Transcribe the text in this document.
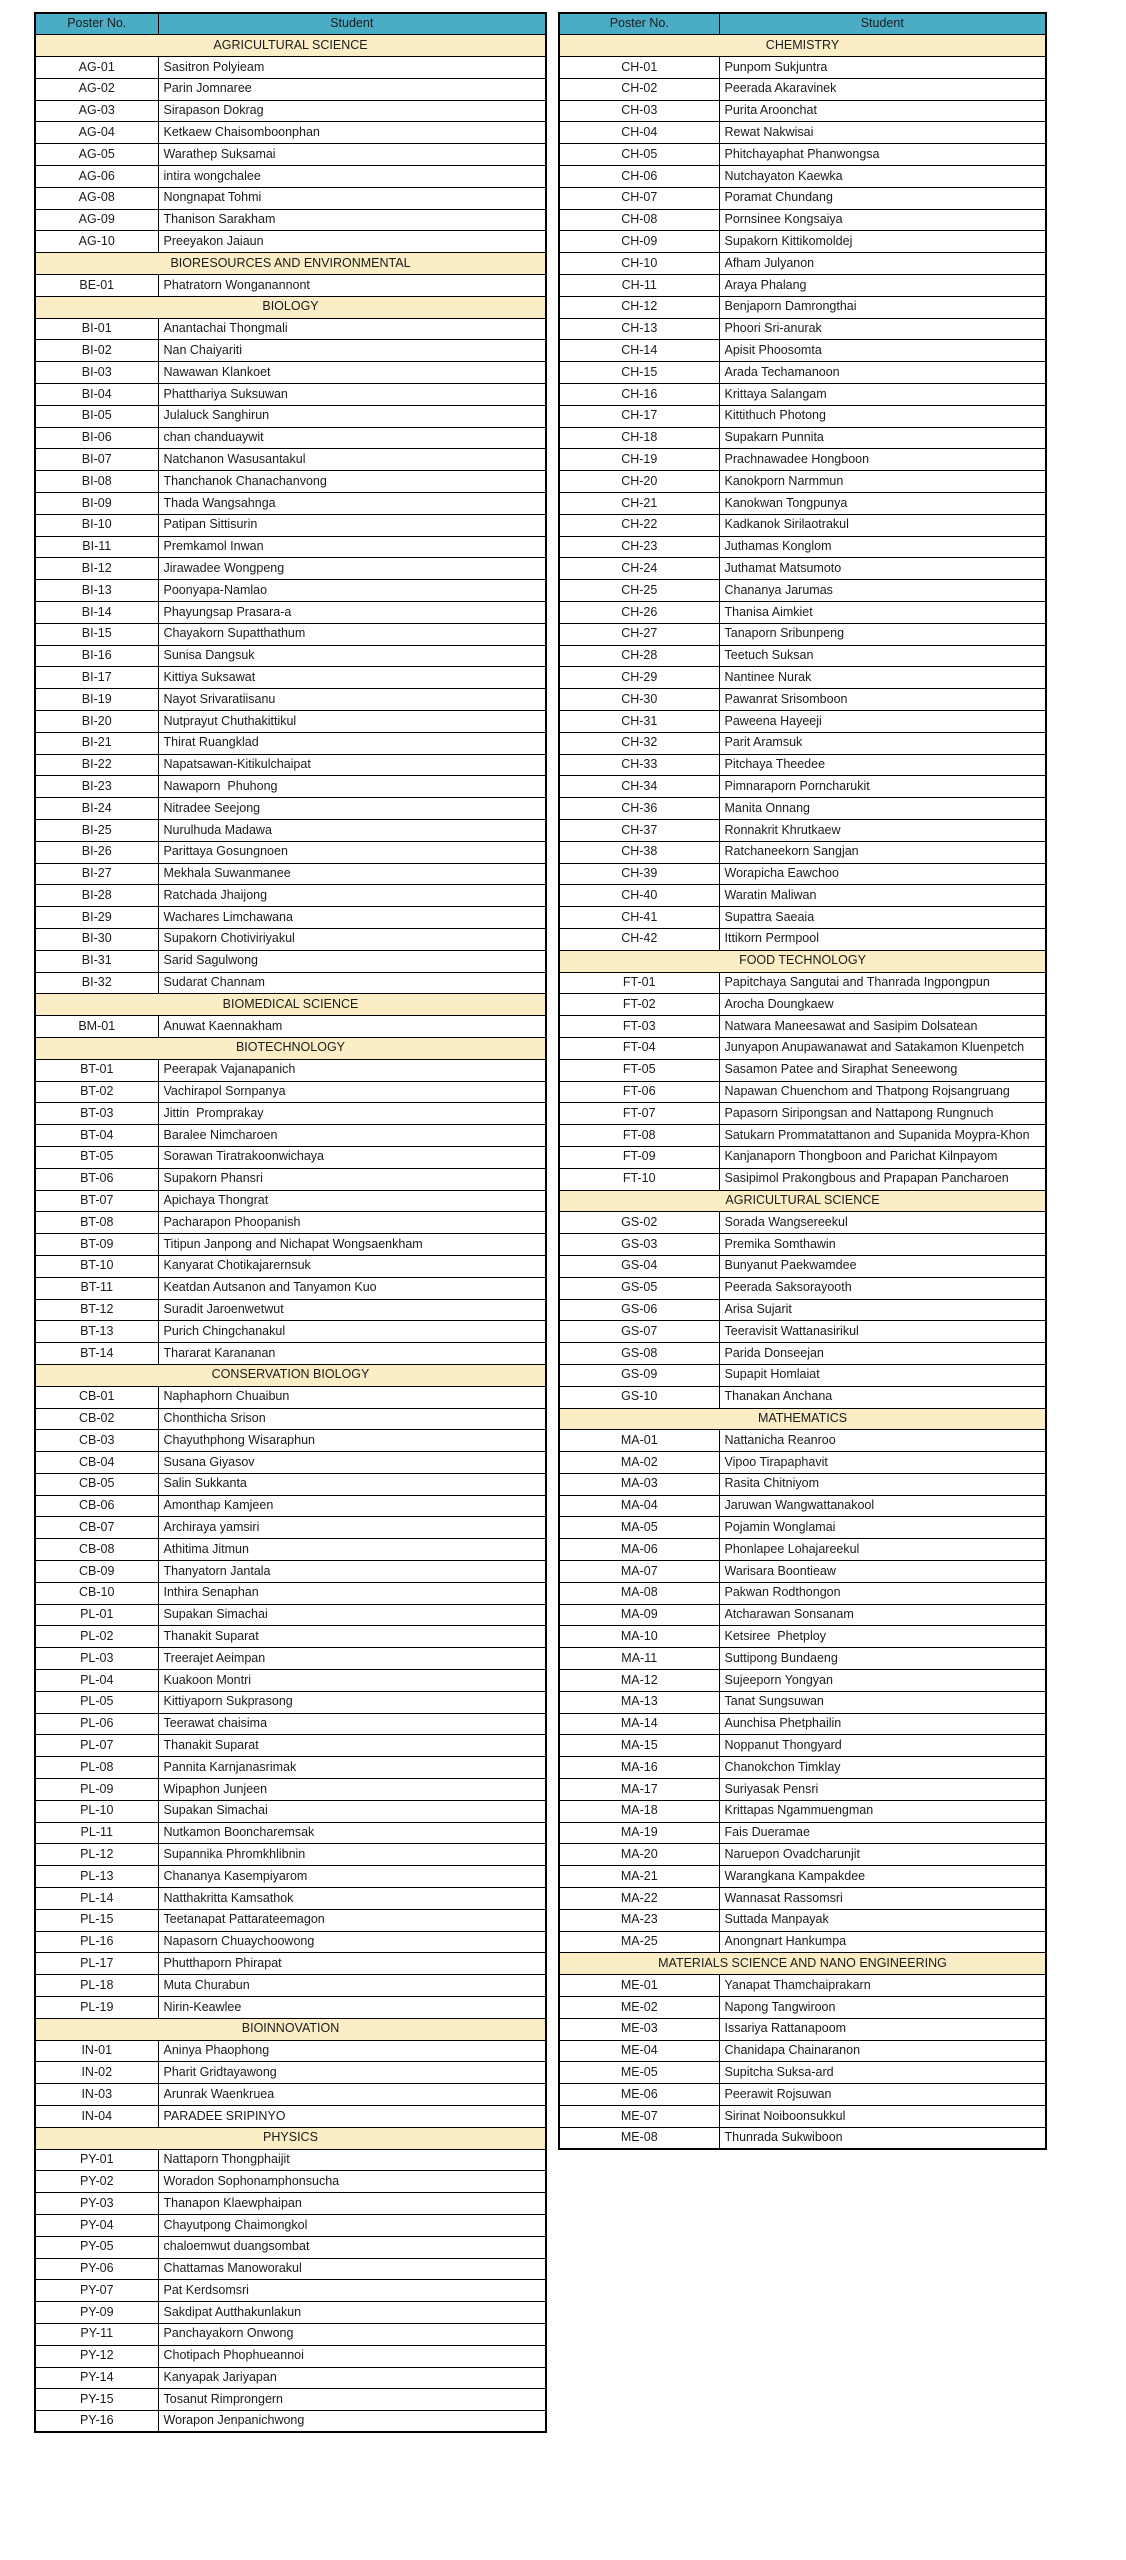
Poster No.	Student
AGRICULTURAL SCIENCE	
AG-01	Sasitron Polyieam
AG-02	Parin Jomnaree
AG-03	Sirapason Dokrag
AG-04	Ketkaew Chaisomboonphan
AG-05	Warathep Suksamai
AG-06	intira wongchalee
AG-08	Nongnapat Tohmi
AG-09	Thanison Sarakham
AG-10	Preeyakon Jaiaun
BIORESOURCES AND ENVIRONMENTAL	
BE-01	Phatratorn Wonganannont
BIOLOGY	
BI-01	Anantachai Thongmali
BI-02	Nan Chaiyariti
BI-03	Nawawan Klankoet
BI-04	Phatthariya Suksuwan
BI-05	Julaluck Sanghirun
BI-06	chan chanduaywit
BI-07	Natchanon Wasusantakul
BI-08	Thanchanok Chanachanvong
BI-09	Thada Wangsahnga
BI-10	Patipan Sittisurin
BI-11	Premkamol Inwan
BI-12	Jirawadee Wongpeng
BI-13	Poonyapa-Namlao
BI-14	Phayungsap Prasara-a
BI-15	Chayakorn Supatthathum
BI-16	Sunisa Dangsuk
BI-17	Kittiya Suksawat
BI-19	Nayot Srivaratiisanu
BI-20	Nutprayut Chuthakittikul
BI-21	Thirat Ruangklad
BI-22	Napatsawan-Kitikulchaipat
BI-23	Nawaporn  Phuhong
BI-24	Nitradee Seejong
BI-25	Nurulhuda Madawa
BI-26	Parittaya Gosungnoen
BI-27	Mekhala Suwanmanee
BI-28	Ratchada Jhaijong
BI-29	Wachares Limchawana
BI-30	Supakorn Chotiviriyakul
BI-31	Sarid Sagulwong
BI-32	Sudarat Channam
BIOMEDICAL SCIENCE	
BM-01	Anuwat Kaennakham
BIOTECHNOLOGY	
BT-01	Peerapak Vajanapanich
BT-02	Vachirapol Sornpanya
BT-03	Jittin  Promprakay
BT-04	Baralee Nimcharoen
BT-05	Sorawan Tiratrakoonwichaya
BT-06	Supakorn Phansri
BT-07	Apichaya Thongrat
BT-08	Pacharapon Phoopanish
BT-09	Titipun Janpong and Nichapat Wongsaenkham
BT-10	Kanyarat Chotikajarernsuk
BT-11	Keatdan Autsanon and Tanyamon Kuo
BT-12	Suradit Jaroenwetwut
BT-13	Purich Chingchanakul
BT-14	Thararat Karananan
CONSERVATION BIOLOGY	
CB-01	Naphaphorn Chuaibun
CB-02	Chonthicha Srison
CB-03	Chayuthphong Wisaraphun
CB-04	Susana Giyasov
CB-05	Salin Sukkanta
CB-06	Amonthap Kamjeen
CB-07	Archiraya yamsiri
CB-08	Athitima Jitmun
CB-09	Thanyatorn Jantala
CB-10	Inthira Senaphan
PL-01	Supakan Simachai
PL-02	Thanakit Suparat
PL-03	Treerajet Aeimpan
PL-04	Kuakoon Montri
PL-05	Kittiyaporn Sukprasong
PL-06	Teerawat chaisima
PL-07	Thanakit Suparat
PL-08	Pannita Karnjanasrimak
PL-09	Wipaphon Junjeen
PL-10	Supakan Simachai
PL-11	Nutkamon Booncharemsak
PL-12	Supannika Phromkhlibnin
PL-13	Chananya Kasempiyarom
PL-14	Natthakritta Kamsathok
PL-15	Teetanapat Pattarateemagon
PL-16	Napasorn Chuaychoowong
PL-17	Phutthaporn Phirapat
PL-18	Muta Churabun
PL-19	Nirin-Keawlee
BIOINNOVATION	
IN-01	Aninya Phaophong
IN-02	Pharit Gridtayawong
IN-03	Arunrak Waenkruea
IN-04	PARADEE SRIPINYO
PHYSICS	
PY-01	Nattaporn Thongphaijit
PY-02	Woradon Sophonamphonsucha
PY-03	Thanapon Klaewphaipan
PY-04	Chayutpong Chaimongkol
PY-05	chaloemwut duangsombat
PY-06	Chattamas Manoworakul
PY-07	Pat Kerdsomsri
PY-09	Sakdipat Autthakunlakun
PY-11	Panchayakorn Onwong
PY-12	Chotipach Phophueannoi
PY-14	Kanyapak Jariyapan
PY-15	Tosanut Rimprongern
PY-16	Worapon Jenpanichwong
Poster No.	Student
CHEMISTRY	
CH-01	Punpom Sukjuntra
CH-02	Peerada Akaravinek
CH-03	Purita Aroonchat
CH-04	Rewat Nakwisai
CH-05	Phitchayaphat Phanwongsa
CH-06	Nutchayaton Kaewka
CH-07	Poramat Chundang
CH-08	Pornsinee Kongsaiya
CH-09	Supakorn Kittikomoldej
CH-10	Afham Julyanon
CH-11	Araya Phalang
CH-12	Benjaporn Damrongthai
CH-13	Phoori Sri-anurak
CH-14	Apisit Phoosomta
CH-15	Arada Techamanoon
CH-16	Krittaya Salangam
CH-17	Kittithuch Photong
CH-18	Supakarn Punnita
CH-19	Prachnawadee Hongboon
CH-20	Kanokporn Narmmun
CH-21	Kanokwan Tongpunya
CH-22	Kadkanok Sirilaotrakul
CH-23	Juthamas Konglom
CH-24	Juthamat Matsumoto
CH-25	Chananya Jarumas
CH-26	Thanisa Aimkiet
CH-27	Tanaporn Sribunpeng
CH-28	Teetuch Suksan
CH-29	Nantinee Nurak
CH-30	Pawanrat Srisomboon
CH-31	Paweena Hayeeji
CH-32	Parit Aramsuk
CH-33	Pitchaya Theedee
CH-34	Pimnaraporn Porncharukit
CH-36	Manita Onnang
CH-37	Ronnakrit Khrutkaew
CH-38	Ratchaneekorn Sangjan
CH-39	Worapicha Eawchoo
CH-40	Waratin Maliwan
CH-41	Supattra Saeaia
CH-42	Ittikorn Permpool
FOOD TECHNOLOGY	
FT-01	Papitchaya Sangutai and Thanrada Ingpongpun
FT-02	Arocha Doungkaew
FT-03	Natwara Maneesawat and Sasipim Dolsatean
FT-04	Junyapon Anupawanawat and Satakamon Kluenpetch
FT-05	Sasamon Patee and Siraphat Seneewong
FT-06	Napawan Chuenchom and Thatpong Rojsangruang
FT-07	Papasorn Siripongsan and Nattapong Rungnuch
FT-08	Satukarn Prommatattanon and Supanida Moypra-Khon
FT-09	Kanjanaporn Thongboon and Parichat Kilnpayom
FT-10	Sasipimol Prakongbous and Prapapan Pancharoen
AGRICULTURAL SCIENCE	
GS-02	Sorada Wangsereekul
GS-03	Premika Somthawin
GS-04	Bunyanut Paekwamdee
GS-05	Peerada Saksorayooth
GS-06	Arisa Sujarit
GS-07	Teeravisit Wattanasirikul
GS-08	Parida Donseejan
GS-09	Supapit Homlaiat
GS-10	Thanakan Anchana
MATHEMATICS	
MA-01	Nattanicha Reanroo
MA-02	Vipoo Tirapaphavit
MA-03	Rasita Chitniyom
MA-04	Jaruwan Wangwattanakool
MA-05	Pojamin Wonglamai
MA-06	Phonlapee Lohajareekul
MA-07	Warisara Boontieaw
MA-08	Pakwan Rodthongon
MA-09	Atcharawan Sonsanam
MA-10	Ketsiree  Phetploy
MA-11	Suttipong Bundaeng
MA-12	Sujeeporn Yongyan
MA-13	Tanat Sungsuwan
MA-14	Aunchisa Phetphailin
MA-15	Noppanut Thongyard
MA-16	Chanokchon Timklay
MA-17	Suriyasak Pensri
MA-18	Krittapas Ngammuengman
MA-19	Fais Dueramae
MA-20	Naruepon Ovadcharunjit
MA-21	Warangkana Kampakdee
MA-22	Wannasat Rassomsri
MA-23	Suttada Manpayak
MA-25	Anongnart Hankumpa
MATERIALS SCIENCE AND NANO ENGINEERING	
ME-01	Yanapat Thamchaiprakarn
ME-02	Napong Tangwiroon
ME-03	Issariya Rattanapoom
ME-04	Chanidapa Chainaranon
ME-05	Supitcha Suksa-ard
ME-06	Peerawit Rojsuwan
ME-07	Sirinat Noiboonsukkul
ME-08	Thunrada Sukwiboon
